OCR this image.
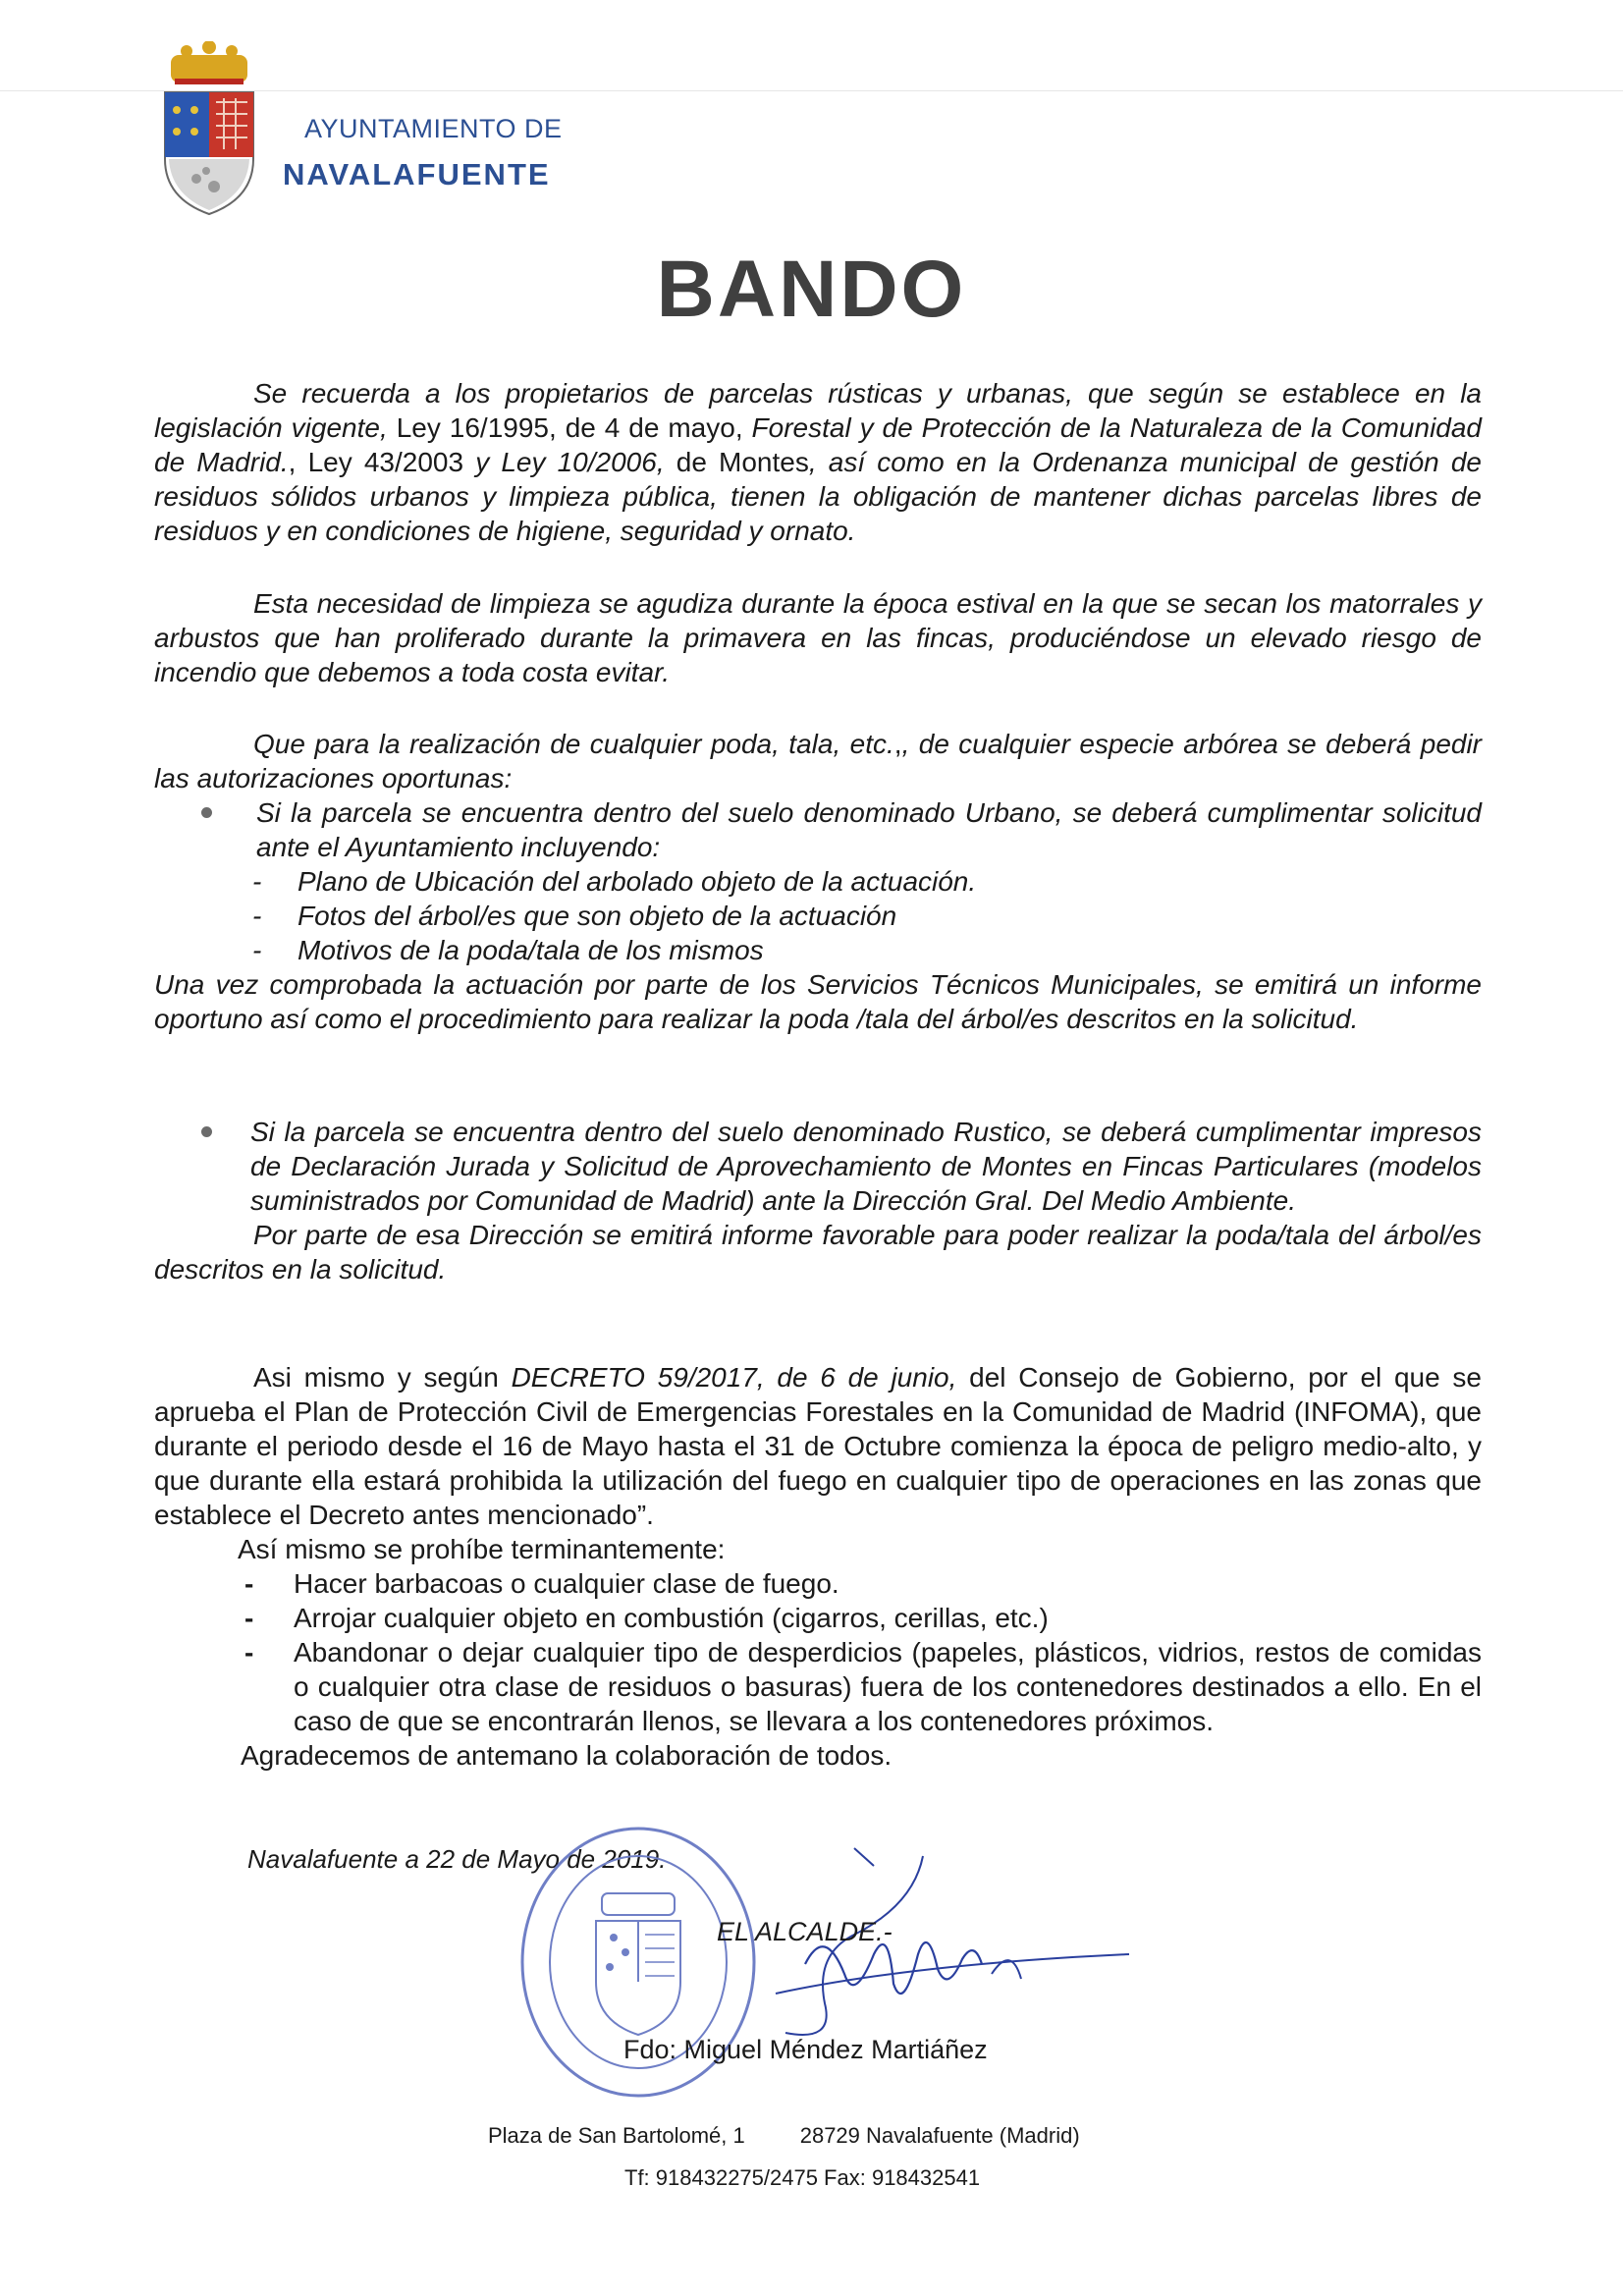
AYUNTAMIENTO DE
NAVALAFUENTE
BANDO

Se recuerda a los propietarios de parcelas rústicas y urbanas, que según se establece en la legislación vigente, Ley 16/1995, de 4 de mayo, Forestal y de Protección de la Naturaleza de la Comunidad de Madrid., Ley 43/2003 y Ley 10/2006, de Montes, así como en la Ordenanza municipal de gestión de residuos sólidos urbanos y limpieza pública, tienen la obligación de mantener dichas parcelas libres de residuos y en condiciones de higiene, seguridad y ornato.

Esta necesidad de limpieza se agudiza durante la época estival en la que se secan los matorrales y arbustos que han proliferado durante la primavera en las fincas, produciéndose un elevado riesgo de incendio que debemos a toda costa evitar.

Que para la realización de cualquier poda, tala, etc.,, de cualquier especie arbórea se deberá pedir las autorizaciones oportunas:

Si la parcela se encuentra dentro del suelo denominado Urbano, se deberá cumplimentar solicitud ante el Ayuntamiento incluyendo:
- Plano de Ubicación del arbolado objeto de la actuación.
- Fotos del árbol/es que son objeto de la actuación
- Motivos de la poda/tala de los mismos

Una vez comprobada la actuación por parte de los Servicios Técnicos Municipales, se emitirá un informe oportuno así como el procedimiento para realizar la poda /tala del árbol/es descritos en la solicitud.

Si la parcela se encuentra dentro del suelo denominado Rustico, se deberá cumplimentar impresos de Declaración Jurada y Solicitud de Aprovechamiento de Montes en Fincas Particulares (modelos suministrados por Comunidad de Madrid) ante la Dirección Gral. Del Medio Ambiente.

Por parte de esa Dirección se emitirá informe favorable para poder realizar la poda/tala del árbol/es descritos en la solicitud.

Asi mismo y según DECRETO 59/2017, de 6 de junio, del Consejo de Gobierno, por el que se aprueba el Plan de Protección Civil de Emergencias Forestales en la Comunidad de Madrid (INFOMA), que durante el periodo desde el 16 de Mayo hasta el 31 de Octubre comienza la época de peligro medio-alto, y que durante ella estará prohibida la utilización del fuego en cualquier tipo de operaciones en las zonas que establece el Decreto antes mencionado”.

Así mismo se prohíbe terminantemente:

- Hacer barbacoas o cualquier clase de fuego.
- Arrojar cualquier objeto en combustión (cigarros, cerillas, etc.)
- Abandonar o dejar cualquier tipo de desperdicios (papeles, plásticos, vidrios, restos de comidas o cualquier otra clase de residuos o basuras) fuera de los contenedores destinados a ello. En el caso de que se encontrarán llenos, se llevara a los contenedores próximos.

Agradecemos de antemano la colaboración de todos.

Navalafuente a 22 de Mayo de 2019.
EL ALCALDE.-
Fdo: Miguel Méndez Martiáñez
Plaza de San Bartolomé, 1	28729 Navalafuente (Madrid)
Tf: 918432275/2475 Fax: 918432541
